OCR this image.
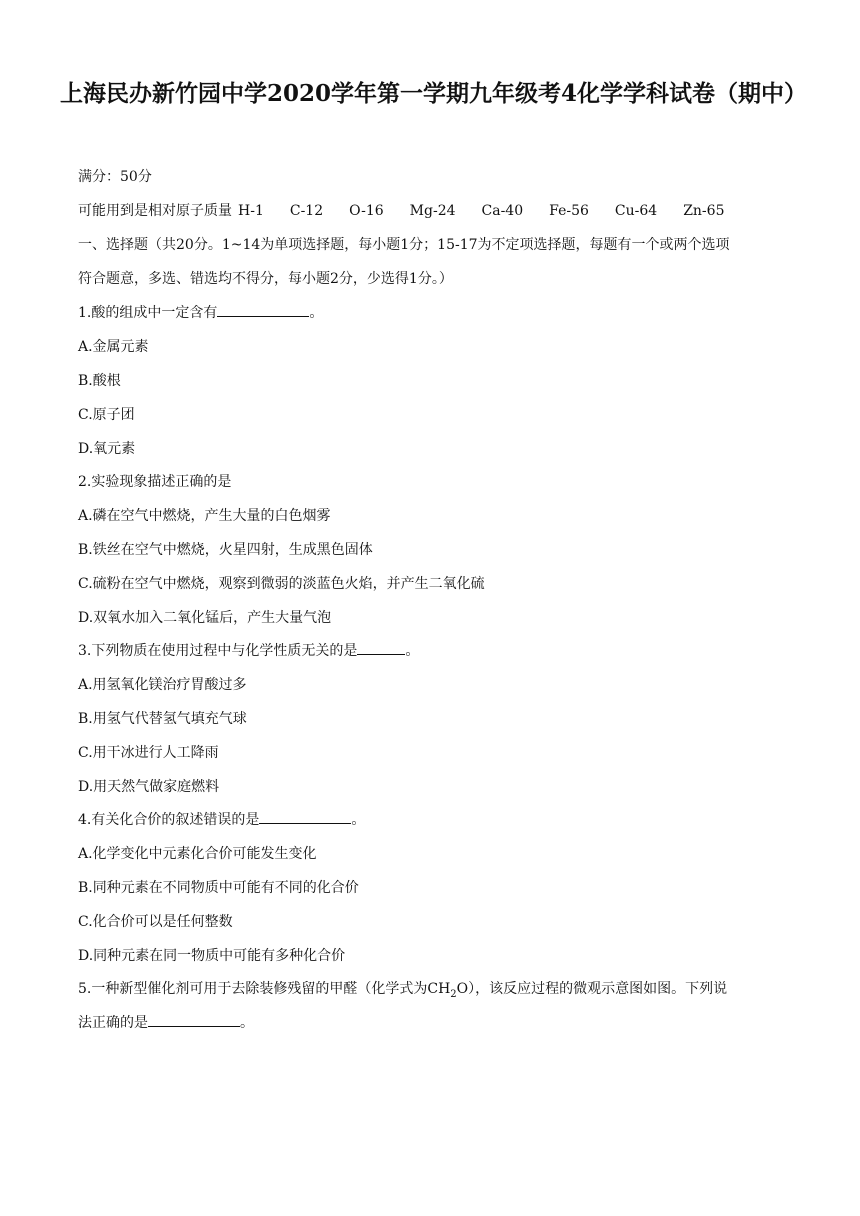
上海民办新竹园中学2020学年第一学期九年级考4化学学科试卷（期中）
满分：50分
可能用到是相对原子质量 H-1 C-12 O-16 Mg-24 Ca-40 Fe-56 Cu-64 Zn-65
一、选择题（共20分。1~14为单项选择题，每小题1分；15-17为不定项选择题，每题有一个或两个选项
符合题意，多选、错选均不得分，每小题2分，少选得1分。）
1.酸的组成中一定含有	。
A.金属元素
B.酸根
C.原子团
D.氧元素
2.实验现象描述正确的是
A.磷在空气中燃烧，产生大量的白色烟雾
B.铁丝在空气中燃烧，火星四射，生成黑色固体
C.硫粉在空气中燃烧，观察到微弱的淡蓝色火焰，并产生二氧化硫
D.双氧水加入二氧化锰后，产生大量气泡
3.下列物质在使用过程中与化学性质无关的是	。
A.用氢氧化镁治疗胃酸过多
B.用氢气代替氢气填充气球
C.用干冰进行人工降雨
D.用天然气做家庭燃料
4.有关化合价的叙述错误的是	。
A.化学变化中元素化合价可能发生变化
B.同种元素在不同物质中可能有不同的化合价
C.化合价可以是任何整数
D.同种元素在同一物质中可能有多种化合价
5.一种新型催化剂可用于去除装修残留的甲醛（化学式为$CH_2O$），该反应过程的微观示意图如图。下列说
法正确的是	。
